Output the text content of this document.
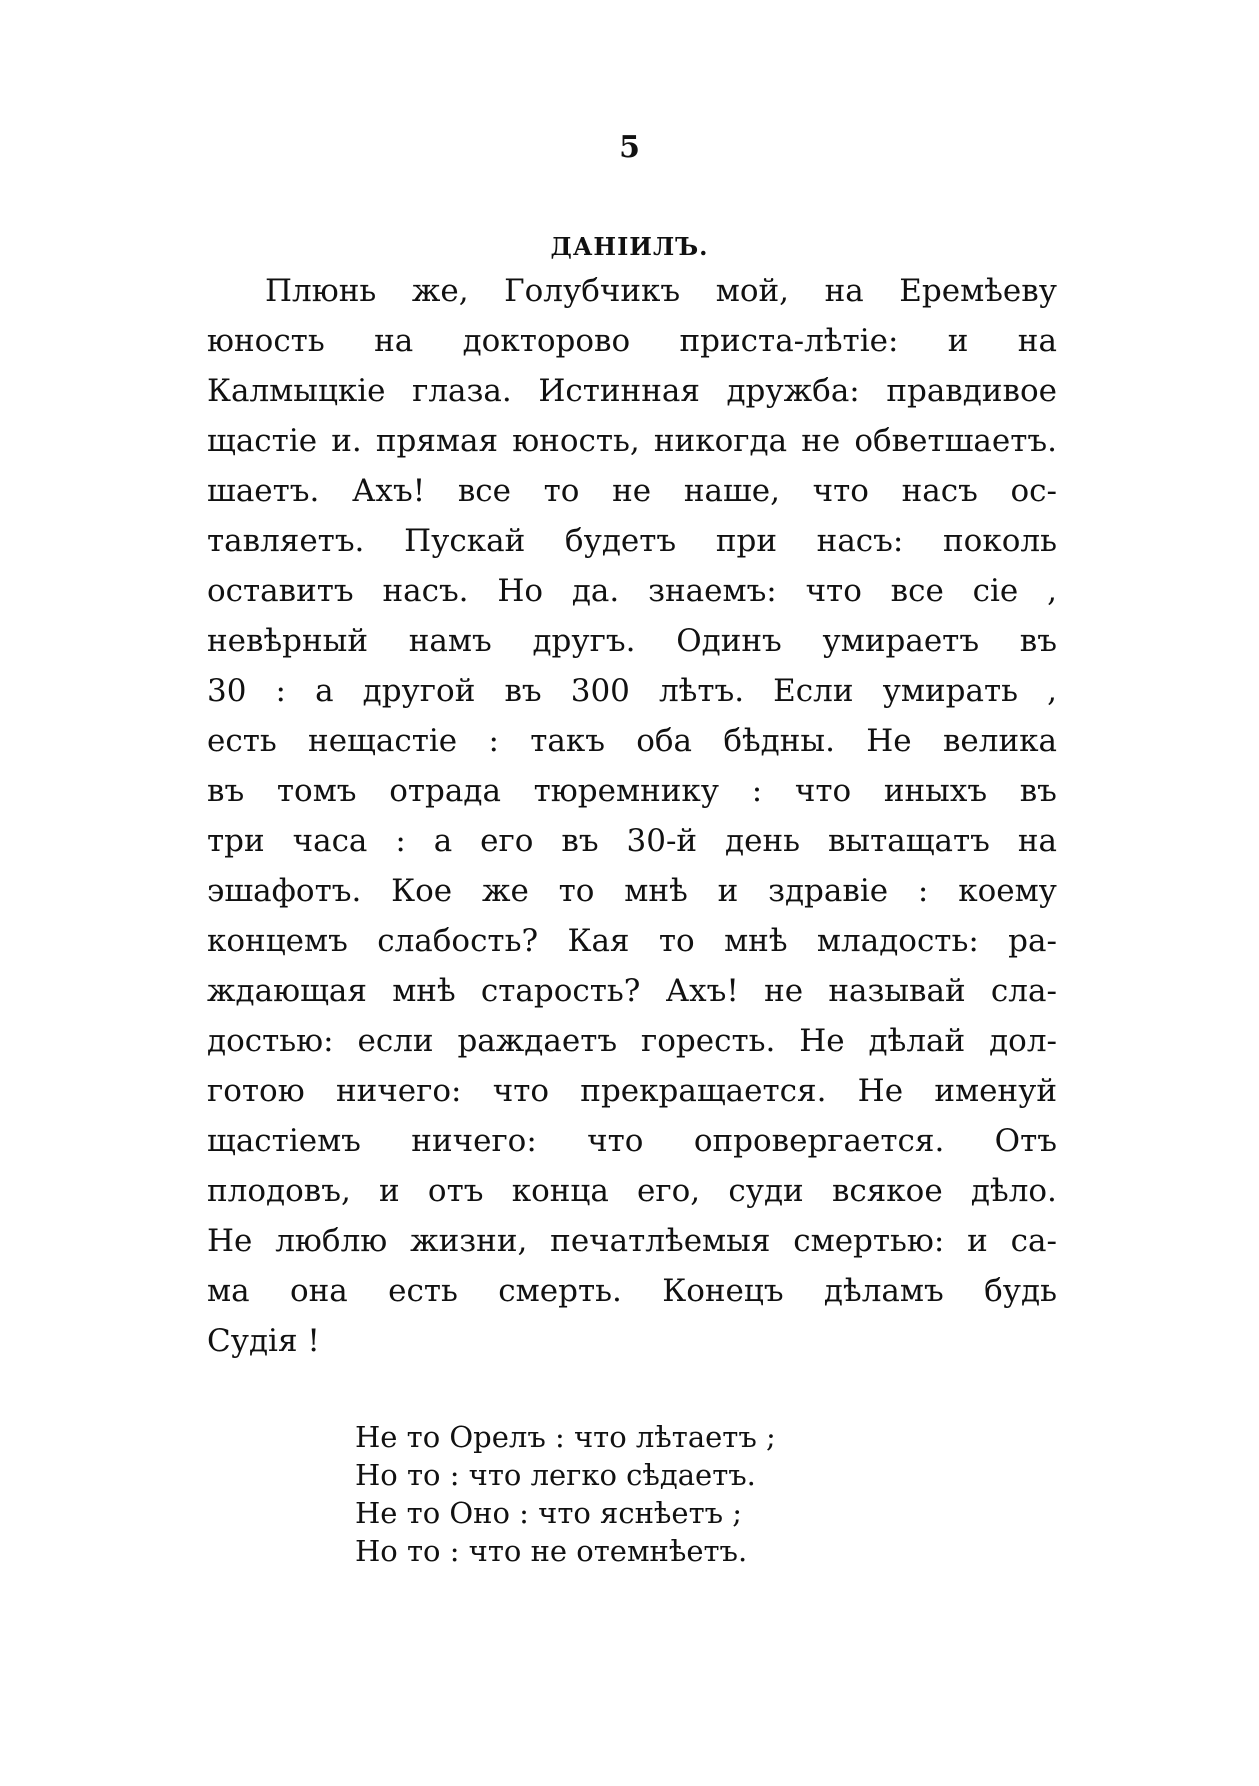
5
ДАНІИЛЪ.
Плюнь же, Голубчикъ мой, на Еремѣеву
юность на докторово приста-лѣтіе: и на
Калмыцкіе глаза. Истинная дружба: правдивое
щастіе и. прямая юность, никогда не обветшаетъ.
шаетъ. Ахъ! все то не наше, что насъ ос-
тавляетъ. Пускай будетъ при насъ: поколь
оставитъ насъ. Но да. знаемъ: что все сіе ,
невѣрный намъ другъ. Одинъ умираетъ въ
30 : а другой въ 300 лѣтъ. Если умирать ,
есть нещастіе : такъ оба бѣдны. Не велика
въ томъ отрада тюремнику : что иныхъ въ
три часа : а его въ 30-й день вытащатъ на
эшафотъ. Кое же то мнѣ и здравіе : коему
концемъ слабость? Кая то мнѣ младость: ра-
ждающая мнѣ старость? Ахъ! не называй сла-
достью: если раждаетъ горесть. Не дѣлай дол-
готою ничего: что прекращается. Не именуй
щастіемъ ничего: что опровергается. Отъ
плодовъ, и отъ конца его, суди всякое дѣло.
Не люблю жизни, печатлѣемыя смертью: и са-
ма она есть смерть. Конецъ дѣламъ будь
Судія !
Не то Орелъ : что лѣтаетъ ;
Но то : что легко сѣдаетъ.
Не то Оно : что яснѣетъ ;
Но то : что не отемнѣетъ.
